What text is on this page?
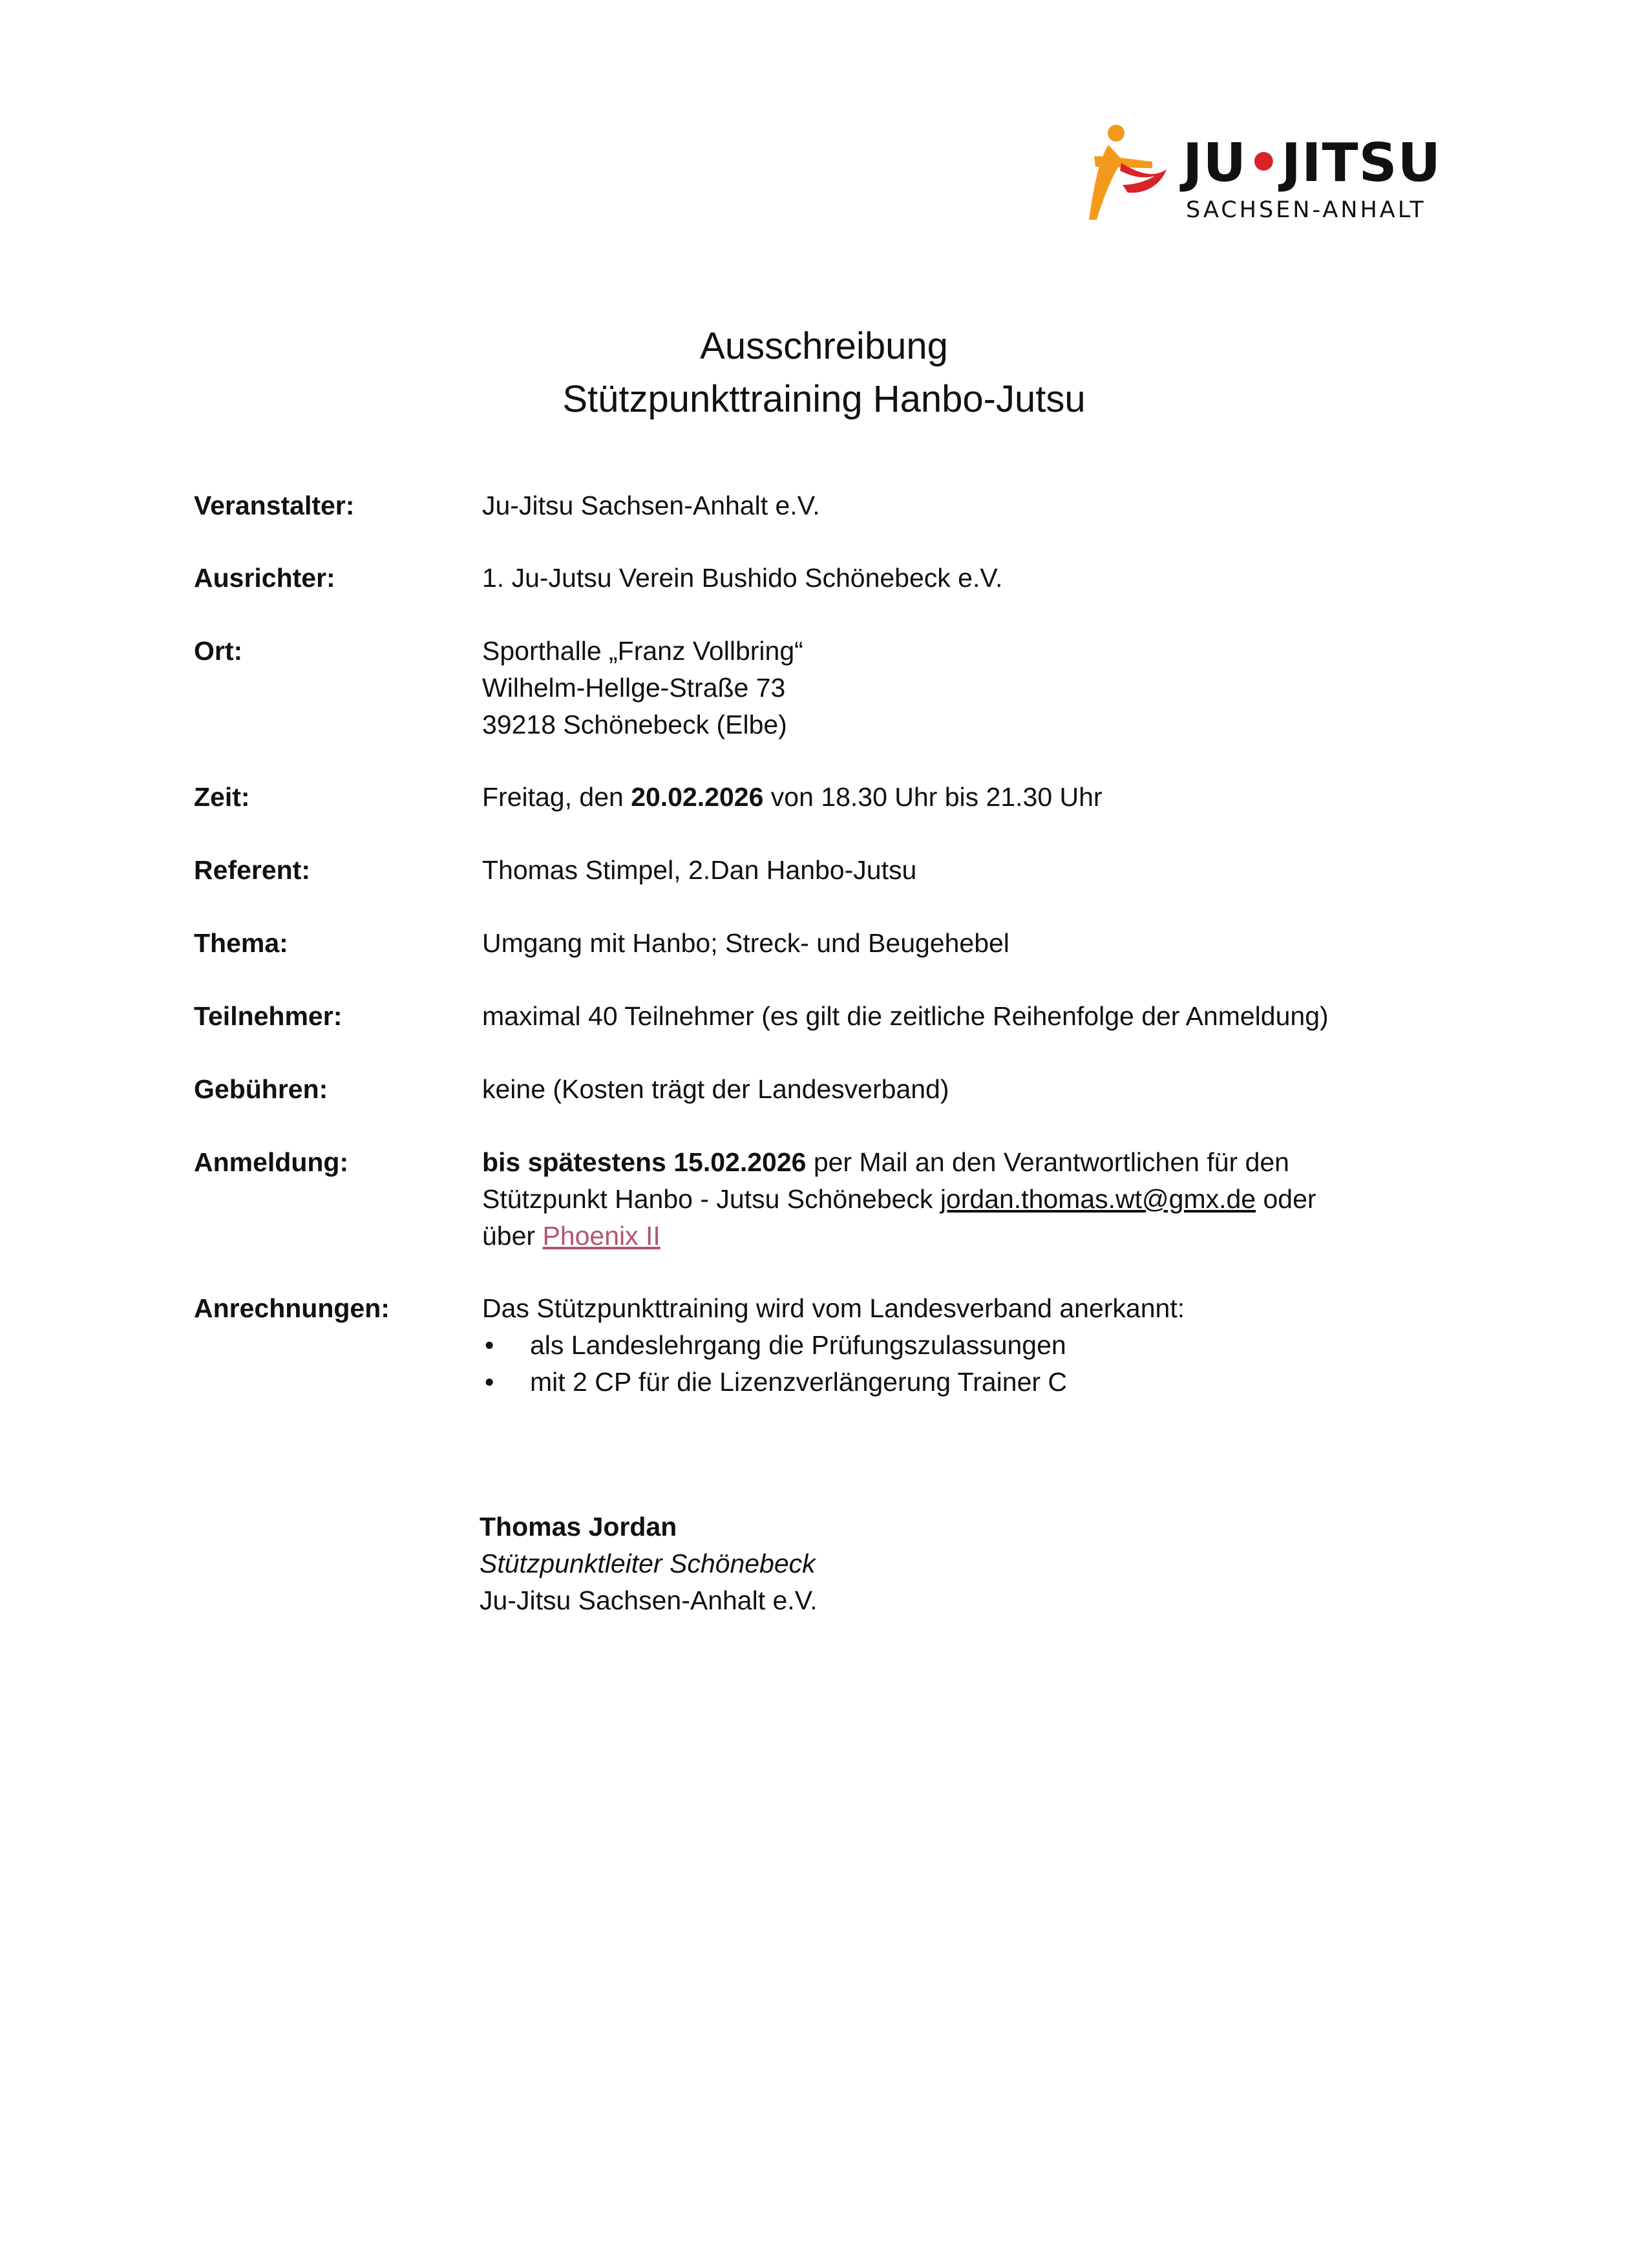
JU•JITSU
SACHSEN-ANHALT
Ausschreibung
Stützpunkttraining Hanbo-Jutsu
Veranstalter:	Ju-Jitsu Sachsen-Anhalt e.V.
Ausrichter:	1. Ju-Jutsu Verein Bushido Schönebeck e.V.
Ort:	Sporthalle „Franz Vollbring“
Wilhelm-Hellge-Straße 73
39218 Schönebeck (Elbe)
Zeit:	Freitag, den 20.02.2026 von 18.30 Uhr bis 21.30 Uhr
Referent:	Thomas Stimpel, 2.Dan Hanbo-Jutsu
Thema:	Umgang mit Hanbo; Streck- und Beugehebel
Teilnehmer:	maximal 40 Teilnehmer (es gilt die zeitliche Reihenfolge der Anmeldung)
Gebühren:	keine (Kosten trägt der Landesverband)
Anmeldung:	bis spätestens 15.02.2026 per Mail an den Verantwortlichen für den
Stützpunkt Hanbo - Jutsu Schönebeck jordan.thomas.wt@gmx.de oder
über Phoenix II
Anrechnungen:	Das Stützpunkttraining wird vom Landesverband anerkannt:
• als Landeslehrgang die Prüfungszulassungen
• mit 2 CP für die Lizenzverlängerung Trainer C
Thomas Jordan
Stützpunktleiter Schönebeck
Ju-Jitsu Sachsen-Anhalt e.V.
